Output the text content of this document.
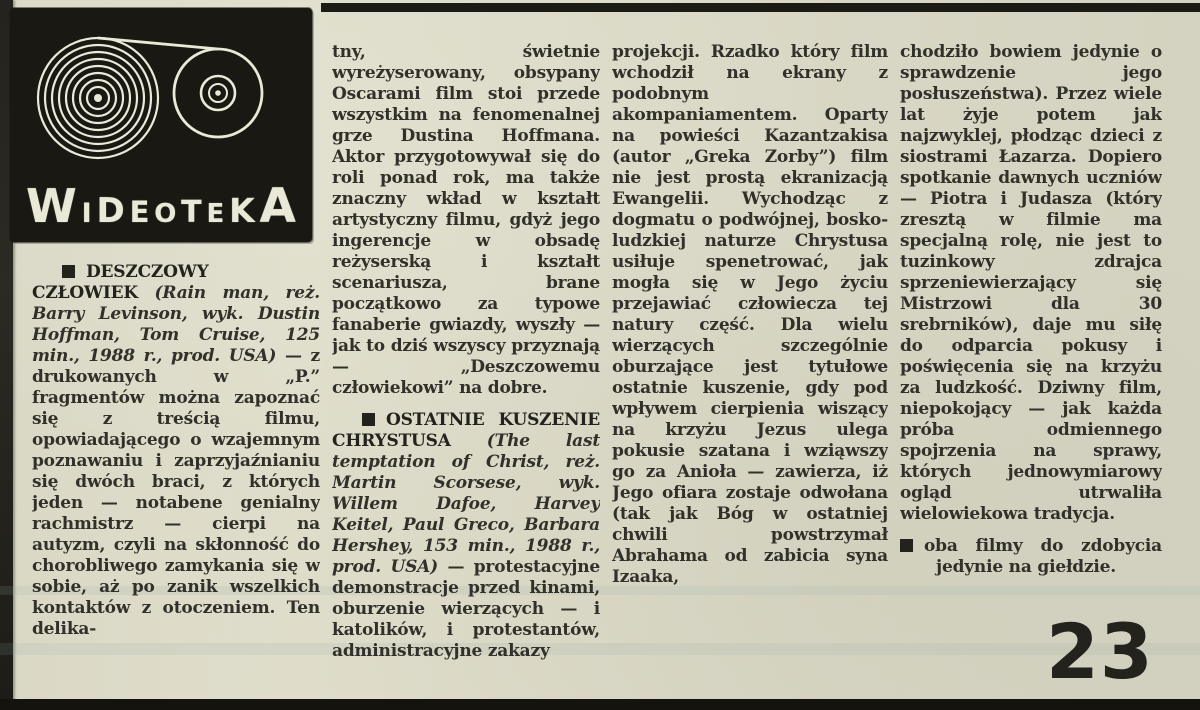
W I D E O T E K A

DESZCZOWY CZŁOWIEK (Rain man, reż. Barry Levinson, wyk. Dustin Hoffman, Tom Cruise, 125 min., 1988 r., prod. USA) — z drukowanych w „P.” fragmentów można zapoznać się z treścią filmu, opowiadającego o wzajemnym poznawaniu i zaprzyjaźnianiu się dwóch braci, z których jeden — notabene genialny rachmistrz — cierpi na autyzm, czyli na skłonność do chorobliwego zamykania się w sobie, aż po zanik wszelkich kontaktów z otoczeniem. Ten delika-

tny, świetnie wyreżyserowany, obsypany Oscarami film stoi przede wszystkim na fenomenalnej grze Dustina Hoffmana. Aktor przygotowywał się do roli ponad rok, ma także znaczny wkład w kształt artystyczny filmu, gdyż jego ingerencje w obsadę reżyserską i kształt scenariusza, brane początkowo za typowe fanaberie gwiazdy, wyszły — jak to dziś wszyscy przyznają — „Deszczowemu człowiekowi” na dobre.

OSTATNIE KUSZENIE CHRYSTUSA (The last temptation of Christ, reż. Martin Scorsese, wyk. Willem Dafoe, Harvey Keitel, Paul Greco, Barbara Hershey, 153 min., 1988 r., prod. USA) — protestacyjne demonstracje przed kinami, oburzenie wierzących — i katolików, i protestantów, administracyjne zakazy

projekcji. Rzadko który film wchodził na ekrany z podobnym akompaniamentem. Oparty na powieści Kazantzakisa (autor „Greka Zorby”) film nie jest prostą ekranizacją Ewangelii. Wychodząc z dogmatu o podwójnej, bosko-ludzkiej naturze Chrystusa usiłuje spenetrować, jak mogła się w Jego życiu przejawiać człowiecza tej natury część. Dla wielu wierzących szczególnie oburzające jest tytułowe ostatnie kuszenie, gdy pod wpływem cierpienia wiszący na krzyżu Jezus ulega pokusie szatana i wziąwszy go za Anioła — zawierza, iż Jego ofiara zostaje odwołana (tak jak Bóg w ostatniej chwili powstrzymał Abrahama od zabicia syna Izaaka,

chodziło bowiem jedynie o sprawdzenie jego posłuszeństwa). Przez wiele lat żyje potem jak najzwyklej, płodząc dzieci z siostrami Łazarza. Dopiero spotkanie dawnych uczniów — Piotra i Judasza (który zresztą w filmie ma specjalną rolę, nie jest to tuzinkowy zdrajca sprzeniewierzający się Mistrzowi dla 30 srebrników), daje mu siłę do odparcia pokusy i poświęcenia się na krzyżu za ludzkość. Dziwny film, niepokojący — jak każda próba odmiennego spojrzenia na sprawy, których jednowymiarowy ogląd utrwaliła wielowiekowa tradycja.

oba filmy do zdobycia jedynie na giełdzie.

23
